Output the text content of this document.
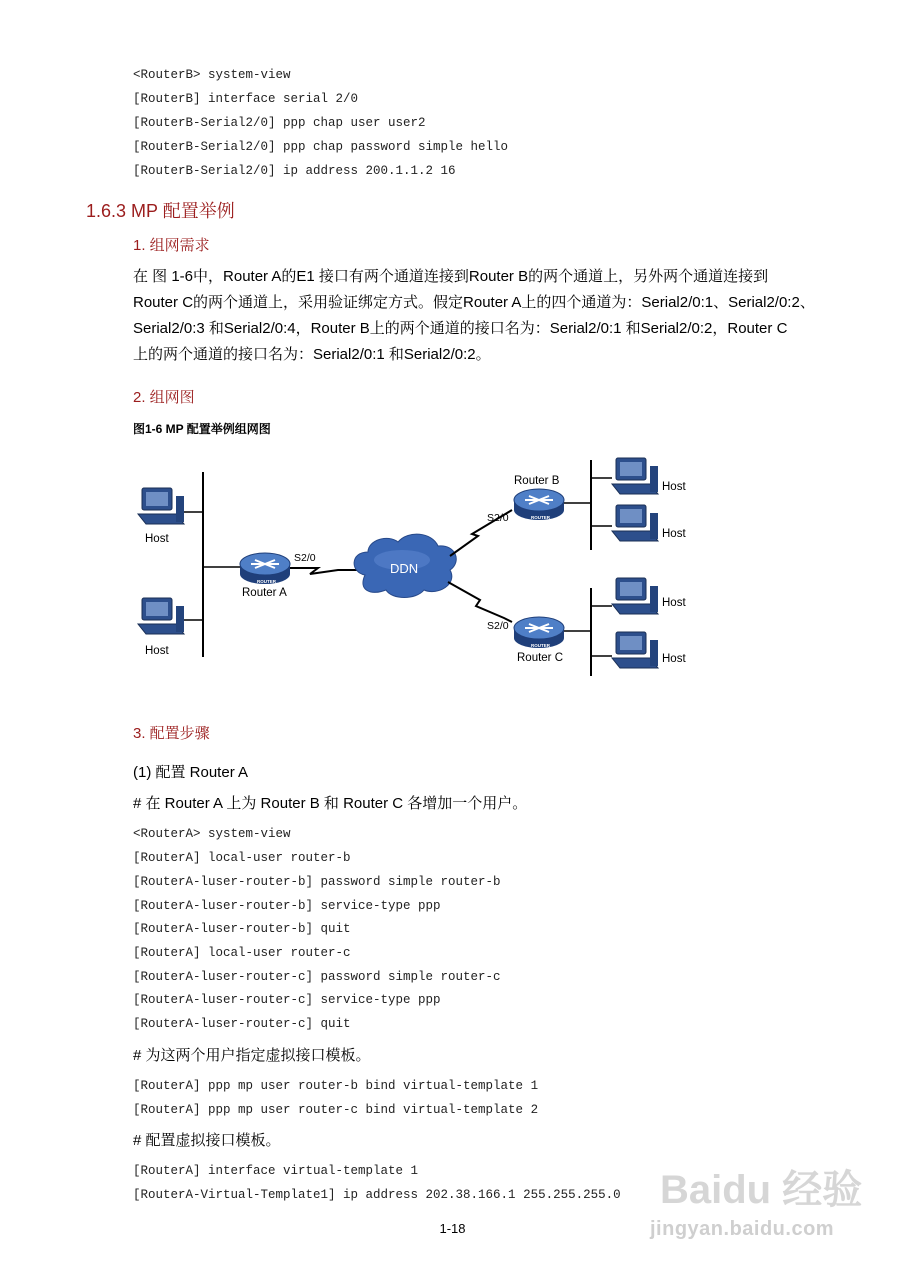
<RouterB> system-view
[RouterB] interface serial 2/0
[RouterB-Serial2/0] ppp chap user user2
[RouterB-Serial2/0] ppp chap password simple hello
[RouterB-Serial2/0] ip address 200.1.1.2 16
1.6.3 MP 配置举例
1. 组网需求
在 图 1-6中，Router A的E1 接口有两个通道连接到Router B的两个通道上，另外两个通道连接到
Router C的两个通道上，采用验证绑定方式。假定Router A上的四个通道为：Serial2/0:1、Serial2/0:2、
Serial2/0:3 和Serial2/0:4，Router B上的两个通道的接口名为：Serial2/0:1 和Serial2/0:2，Router C
上的两个通道的接口名为：Serial2/0:1 和Serial2/0:2。
2. 组网图
图1-6 MP 配置举例组网图
Host
Host
ROUTER
Router A
S2/0
DDN
S2/0
S2/0
ROUTER
Router B	Host
Host
ROUTER
Router C
Host
Host
3. 配置步骤
(1) 配置 Router A
# 在 Router A 上为 Router B 和 Router C 各增加一个用户。
<RouterA> system-view
[RouterA] local-user router-b
[RouterA-luser-router-b] password simple router-b
[RouterA-luser-router-b] service-type ppp
[RouterA-luser-router-b] quit
[RouterA] local-user router-c
[RouterA-luser-router-c] password simple router-c
[RouterA-luser-router-c] service-type ppp
[RouterA-luser-router-c] quit
# 为这两个用户指定虚拟接口模板。
[RouterA] ppp mp user router-b bind virtual-template 1
[RouterA] ppp mp user router-c bind virtual-template 2
# 配置虚拟接口模板。
[RouterA] interface virtual-template 1
[RouterA-Virtual-Template1] ip address 202.38.166.1 255.255.255.0
1-18
Baidu 经验
jingyan.baidu.com
